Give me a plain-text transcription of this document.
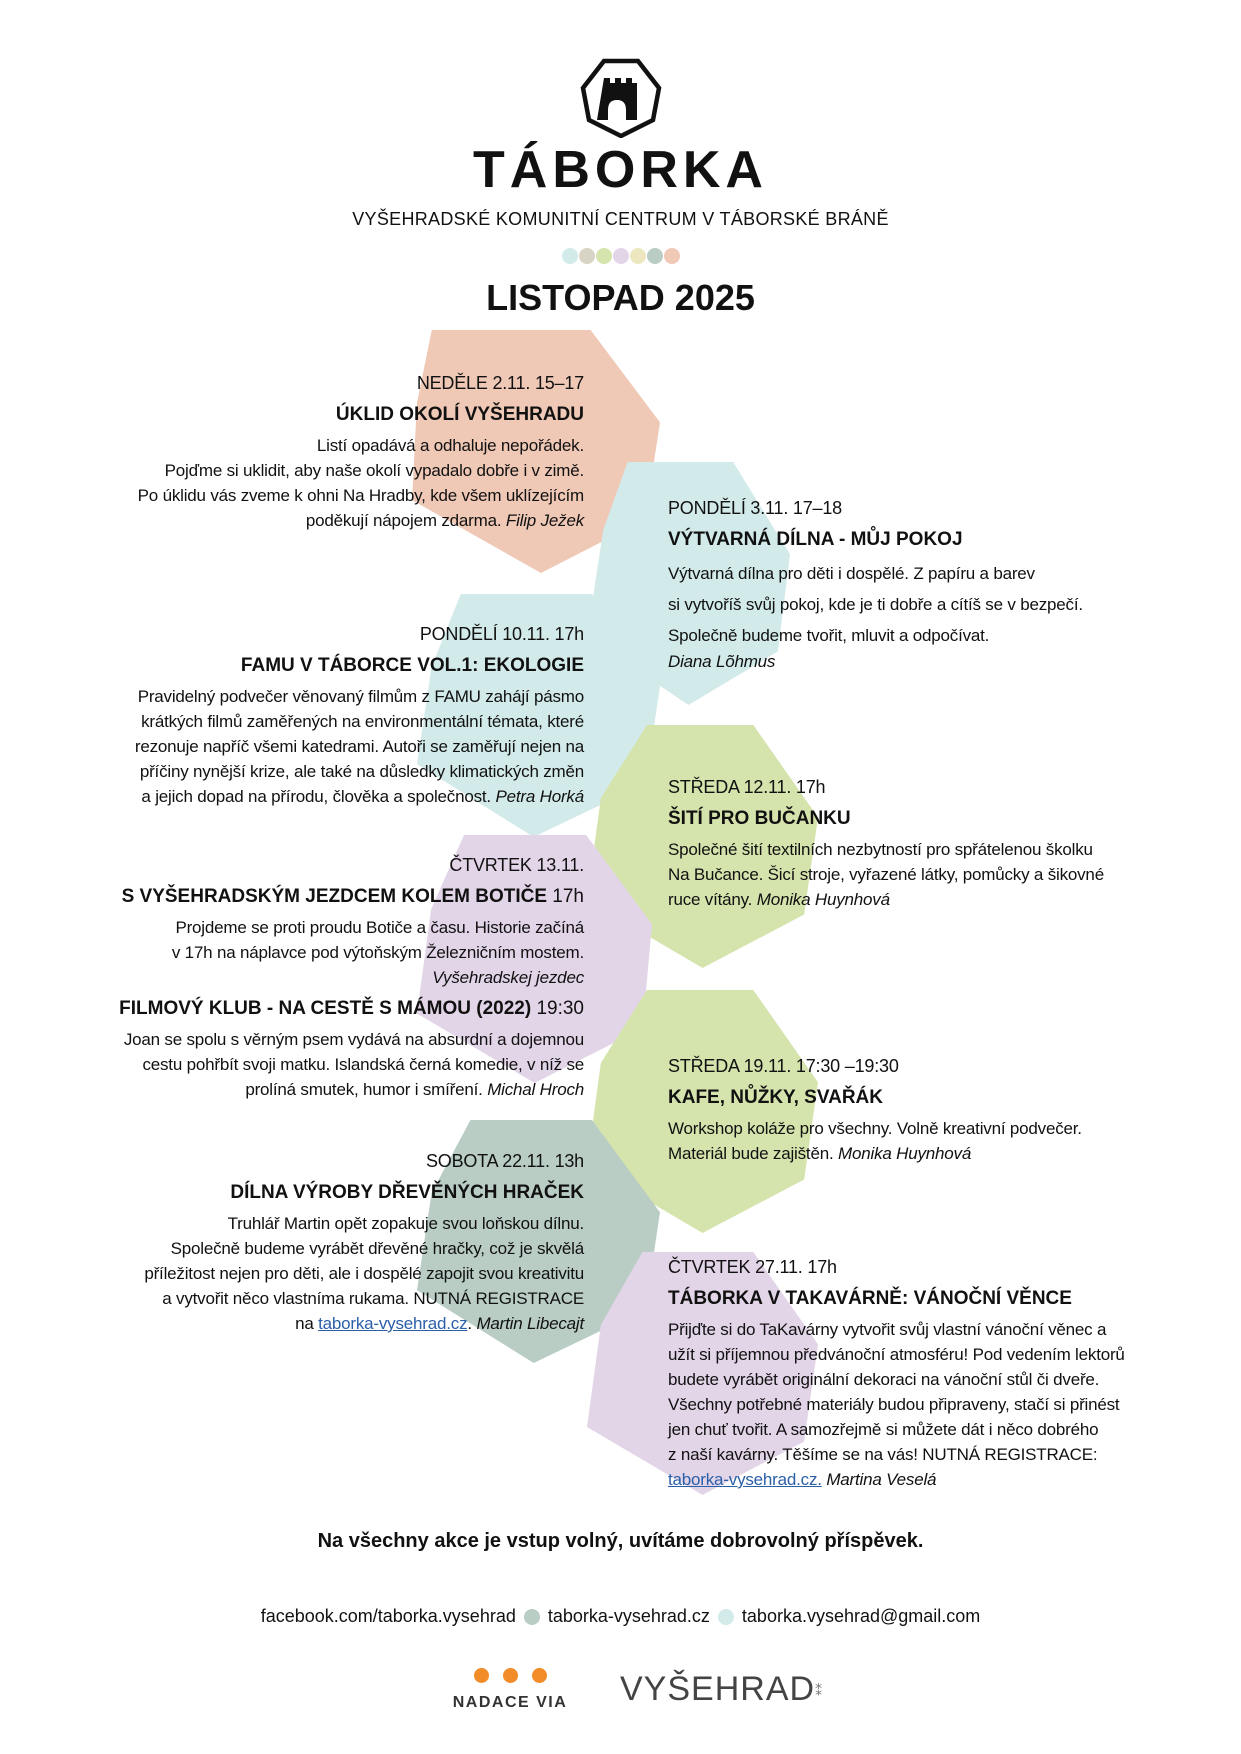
TÁBORKA
VYŠEHRADSKÉ KOMUNITNÍ CENTRUM V TÁBORSKÉ BRÁNĚ
LISTOPAD 2025
NEDĚLE 2.11. 15–17
ÚKLID OKOLÍ VYŠEHRADU
Listí opadává a odhaluje nepořádek.
Pojďme si uklidit, aby naše okolí vypadalo dobře i v zimě.
Po úklidu vás zveme k ohni Na Hradby, kde všem uklízejícím
poděkují nápojem zdarma. Filip Ježek
PONDĚLÍ 3.11. 17–18
VÝTVARNÁ DÍLNA - MŮJ POKOJ
Výtvarná dílna pro děti i dospělé. Z papíru a barev
si vytvoříš svůj pokoj, kde je ti dobře a cítíš se v bezpečí.
Společně budeme tvořit, mluvit a odpočívat.
Diana Lõhmus
PONDĚLÍ 10.11. 17h
FAMU V TÁBORCE VOL.1: EKOLOGIE
Pravidelný podvečer věnovaný filmům z FAMU zahájí pásmo
krátkých filmů zaměřených na environmentální témata, které
rezonuje napříč všemi katedrami. Autoři se zaměřují nejen na
příčiny nynější krize, ale také na důsledky klimatických změn
a jejich dopad na přírodu, člověka a společnost. Petra Horká	STŘEDA 12.11. 17h
ŠITÍ PRO BUČANKU
Společné šití textilních nezbytností pro spřátelenou školku
Na Bučance. Šicí stroje, vyřazené látky, pomůcky a šikovné
ruce vítány. Monika Huynhová
ČTVRTEK 13.11.
S VYŠEHRADSKÝM JEZDCEM KOLEM BOTIČE 17h
Projdeme se proti proudu Botiče a času. Historie začíná
v 17h na náplavce pod výtoňským Železničním mostem.
Vyšehradskej jezdec
FILMOVÝ KLUB - NA CESTĚ S MÁMOU (2022) 19:30
Joan se spolu s věrným psem vydává na absurdní a dojemnou
cestu pohřbít svoji matku. Islandská černá komedie, v níž se
prolíná smutek, humor i smíření. Michal Hroch
STŘEDA 19.11. 17:30 –19:30
KAFE, NŮŽKY, SVAŘÁK
Workshop koláže pro všechny. Volně kreativní podvečer.
Materiál bude zajištěn. Monika Huynhová
SOBOTA 22.11. 13h
DÍLNA VÝROBY DŘEVĚNÝCH HRAČEK
Truhlář Martin opět zopakuje svou loňskou dílnu.
Společně budeme vyrábět dřevěné hračky, což je skvělá
příležitost nejen pro děti, ale i dospělé zapojit svou kreativitu
a vytvořit něco vlastníma rukama. NUTNÁ REGISTRACE
na taborka-vysehrad.cz. Martin Libecajt
ČTVRTEK 27.11. 17h
TÁBORKA V TAKAVÁRNĚ: VÁNOČNÍ VĚNCE
Přijďte si do TaKavárny vytvořit svůj vlastní vánoční věnec a
užít si příjemnou předvánoční atmosféru! Pod vedením lektorů
budete vyrábět originální dekoraci na vánoční stůl či dveře.
Všechny potřebné materiály budou připraveny, stačí si přinést
jen chuť tvořit. A samozřejmě si můžete dát i něco dobrého
z naší kavárny. Těšíme se na vás! NUTNÁ REGISTRACE:
taborka-vysehrad.cz. Martina Veselá
Na všechny akce je vstup volný, uvítáme dobrovolný příspěvek.
facebook.com/taborka.vysehrad taborka-vysehrad.cz taborka.vysehrad@gmail.com
NADACE VIA VYŠEHRAD⁑
